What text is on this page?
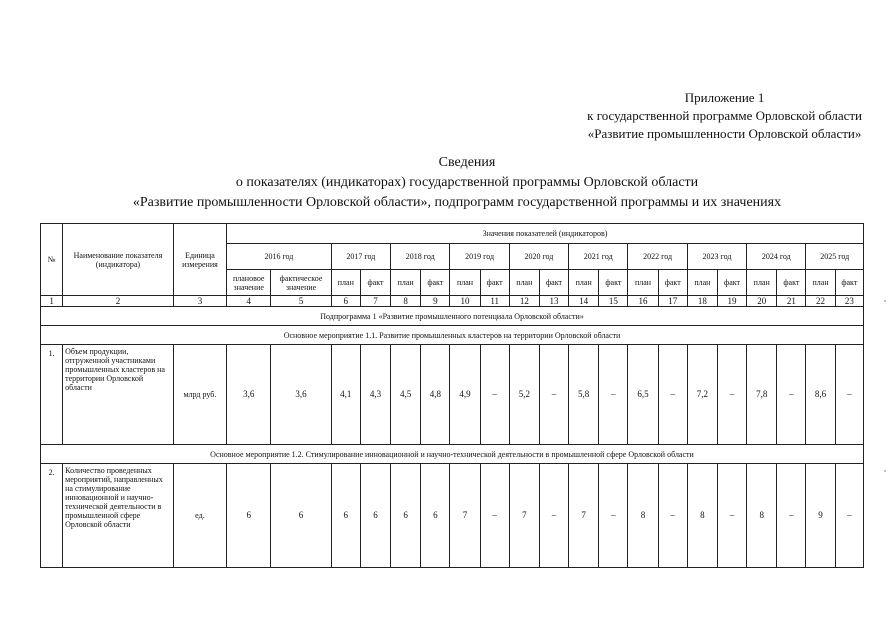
Приложение 1
к государственной программе Орловской области
«Развитие промышленности Орловской области»
Сведения
о показателях (индикаторах) государственной программы Орловской области
«Развитие промышленности Орловской области», подпрограмм государственной программы и их значениях
№	Наименование показателя (индикатора)	Единица измерения	Значения показателей (индикаторов)																			
			2016 год		2017 год		2018 год		2019 год		2020 год		2021 год		2022 год		2023 год		2024 год		2025 год	
			плановое значение	фактическое значение	план	факт	план	факт	план	факт	план	факт	план	факт	план	факт	план	факт	план	факт	план	факт
1	2	3	4	5	6	7	8	9	10	11	12	13	14	15	16	17	18	19	20	21	22	23
Подпрограмма 1 «Развитие промышленного потенциала Орловской области»																						
Основное мероприятие 1.1. Развитие промышленных кластеров на территории Орловской области																						
1.	Объем продукции, отгруженной участниками промышленных кластеров на территории Орловской области	млрд руб.	3,6	3,6	4,1	4,3	4,5	4,8	4,9	–	5,2	–	5,8	–	6,5	–	7,2	–	7,8	–	8,6	–
Основное мероприятие 1.2. Стимулирование инновационной и научно-технической деятельности в промышленной сфере Орловской области																						
2.	Количество проведенных мероприятий, направленных на стимулирование инновационной и научно-технической деятельности в промышленной сфере Орловской области	ед.	6	6	6	6	6	6	7	–	7	–	7	–	8	–	8	–	8	–	9	–
